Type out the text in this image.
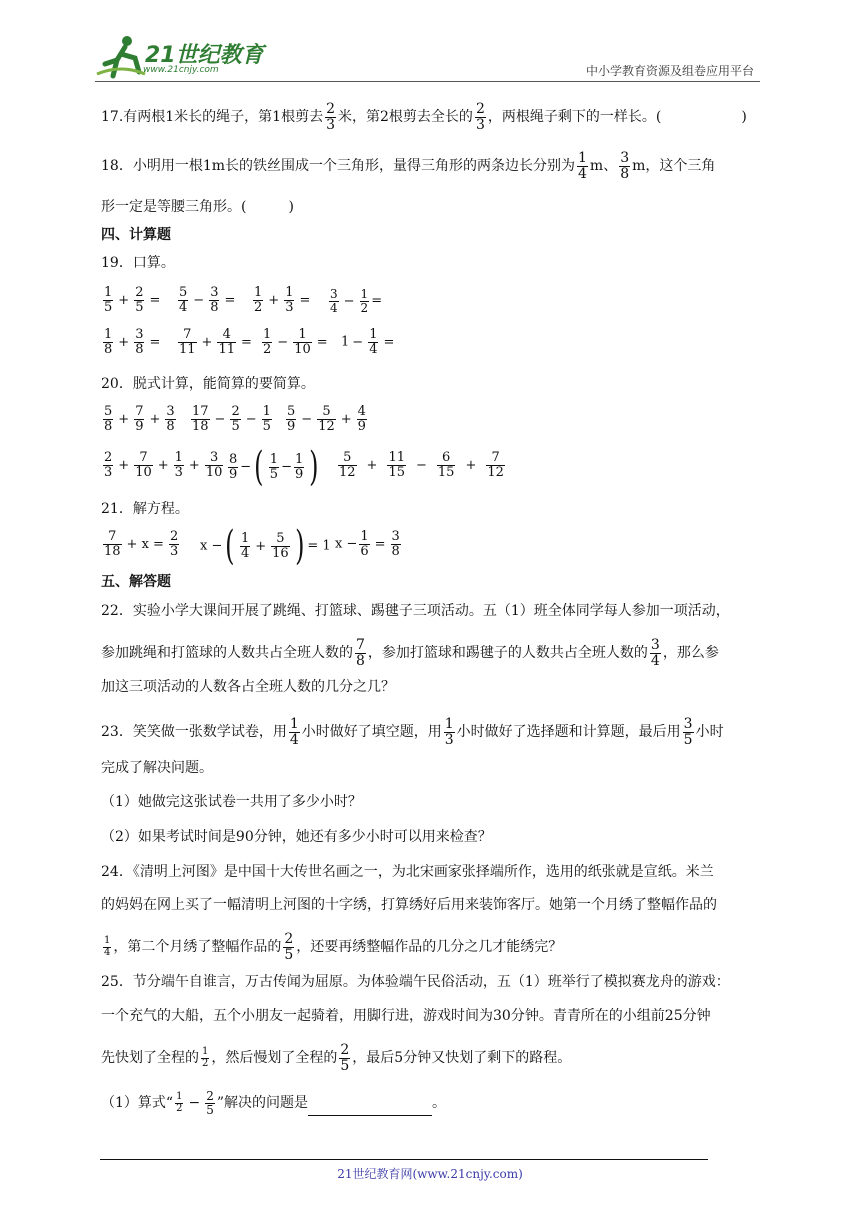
21世纪教育
www.21cnjy.com	中小学教育资源及组卷应用平台
17.有两根1米长的绳子，第1根剪去 $\frac{2}{3}$ 米，第2根剪去全长的 $\frac{2}{3}$ ，两根绳子剩下的一样长。(	)
18．小明用一根1m长的铁丝围成一个三角形，量得三角形的两条边长分别为 $\frac{1}{4}$ m、 $\frac{3}{8}$ m，这个三角
形一定是等腰三角形。(　　　)
四、计算题
19．口算。
$\frac{1}{5} + \frac{2}{5} = \frac{5}{4} - \frac{3}{8} = \frac{1}{2} + \frac{1}{3} = \frac{3}{4} - \frac{1}{2}$ =
$\frac{1}{8} + \frac{3}{8} = \frac{7}{11} + \frac{4}{11} = \frac{1}{2} - \frac{1}{10} = 1 - \frac{1}{4}$ =
20．脱式计算，能简算的要简算。
$\frac{5}{8} + \frac{7}{9} + \frac{3}{8} \frac{17}{18} - \frac{2}{5} - \frac{1}{5} \frac{5}{9} - \frac{5}{12} + \frac{4}{9}$
$\frac{2}{3} + \frac{7}{10} + \frac{1}{3} + \frac{3}{10} \frac{8}{9}$ −( $\frac{1}{5} - \frac{1}{9}$ ) $\frac{5}{12} + \frac{11}{15} - \frac{6}{15} + \frac{7}{12}$
21．解方程。
$\frac{7}{18} + x = \frac{2}{3}$ x −( $\frac{1}{4} + \frac{5}{16}$ ) = 1 $x - \frac{1}{6} = \frac{3}{8}$
五、解答题
22．实验小学大课间开展了跳绳、打篮球、踢毽子三项活动。五（1）班全体同学每人参加一项活动，
参加跳绳和打篮球的人数共占全班人数的 $\frac{7}{8}$ ，参加打篮球和踢毽子的人数共占全班人数的 $\frac{3}{4}$ ，那么参
加这三项活动的人数各占全班人数的几分之几？
23．笑笑做一张数学试卷，用 $\frac{1}{4}$ 小时做好了填空题，用 $\frac{1}{3}$ 小时做好了选择题和计算题，最后用 $\frac{3}{5}$ 小时
完成了解决问题。
（1）她做完这张试卷一共用了多少小时？
（2）如果考试时间是90分钟，她还有多少小时可以用来检查？
24．《清明上河图》是中国十大传世名画之一，为北宋画家张择端所作，选用的纸张就是宣纸。米兰
的妈妈在网上买了一幅清明上河图的十字绣，打算绣好后用来装饰客厅。她第一个月绣了整幅作品的
$\frac{1}{4}$ ，第二个月绣了整幅作品的 $\frac{2}{5}$ ，还要再绣整幅作品的几分之几才能绣完？
25．节分端午自谁言，万古传闻为屈原。为体验端午民俗活动，五（1）班举行了模拟赛龙舟的游戏：
一个充气的大船，五个小朋友一起骑着，用脚行进，游戏时间为30分钟。青青所在的小组前25分钟
先快划了全程的 $\frac{1}{2}$ ，然后慢划了全程的 $\frac{2}{5}$ ，最后5分钟又快划了剩下的路程。
（1）算式“ $\frac{1}{2} - \frac{2}{5}$ ”解决的问题是	。
21世纪教育网(www.21cnjy.com)
